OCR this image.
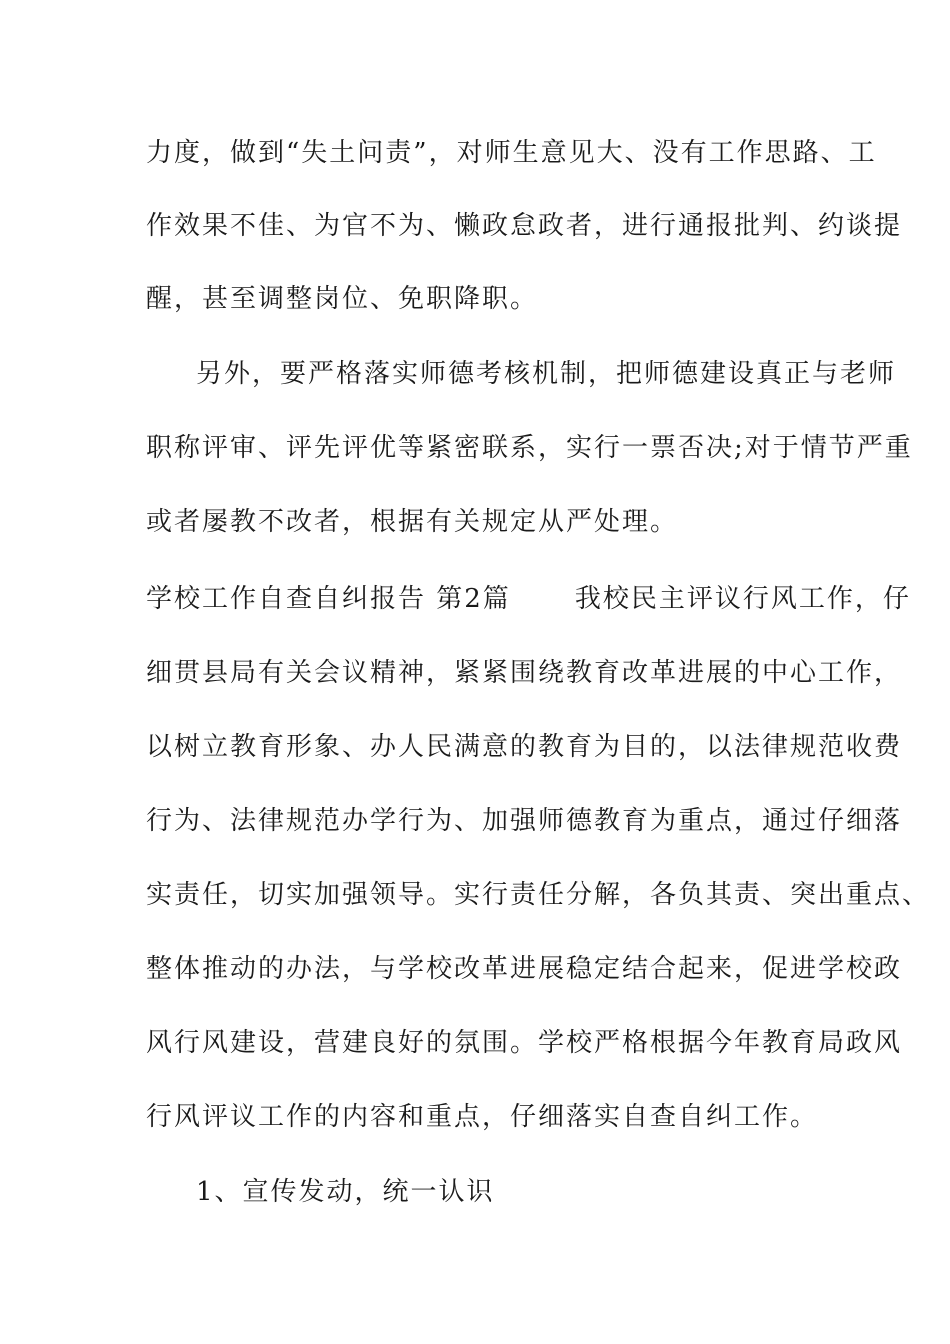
力度，做到“失土问责”，对师生意见大、没有工作思路、工
作效果不佳、为官不为、懒政怠政者，进行通报批判、约谈提
醒，甚至调整岗位、免职降职。
另外，要严格落实师德考核机制，把师德建设真正与老师
职称评审、评先评优等紧密联系，实行一票否决;对于情节严重
或者屡教不改者，根据有关规定从严处理。
学校工作自查自纠报告 第2篇 我校民主评议行风工作，仔
细贯县局有关会议精神，紧紧围绕教育改革进展的中心工作，
以树立教育形象、办人民满意的教育为目的，以法律规范收费
行为、法律规范办学行为、加强师德教育为重点，通过仔细落
实责任，切实加强领导。实行责任分解，各负其责、突出重点、
整体推动的办法，与学校改革进展稳定结合起来，促进学校政
风行风建设，营建良好的氛围。学校严格根据今年教育局政风
行风评议工作的内容和重点，仔细落实自查自纠工作。
1、宣传发动，统一认识
